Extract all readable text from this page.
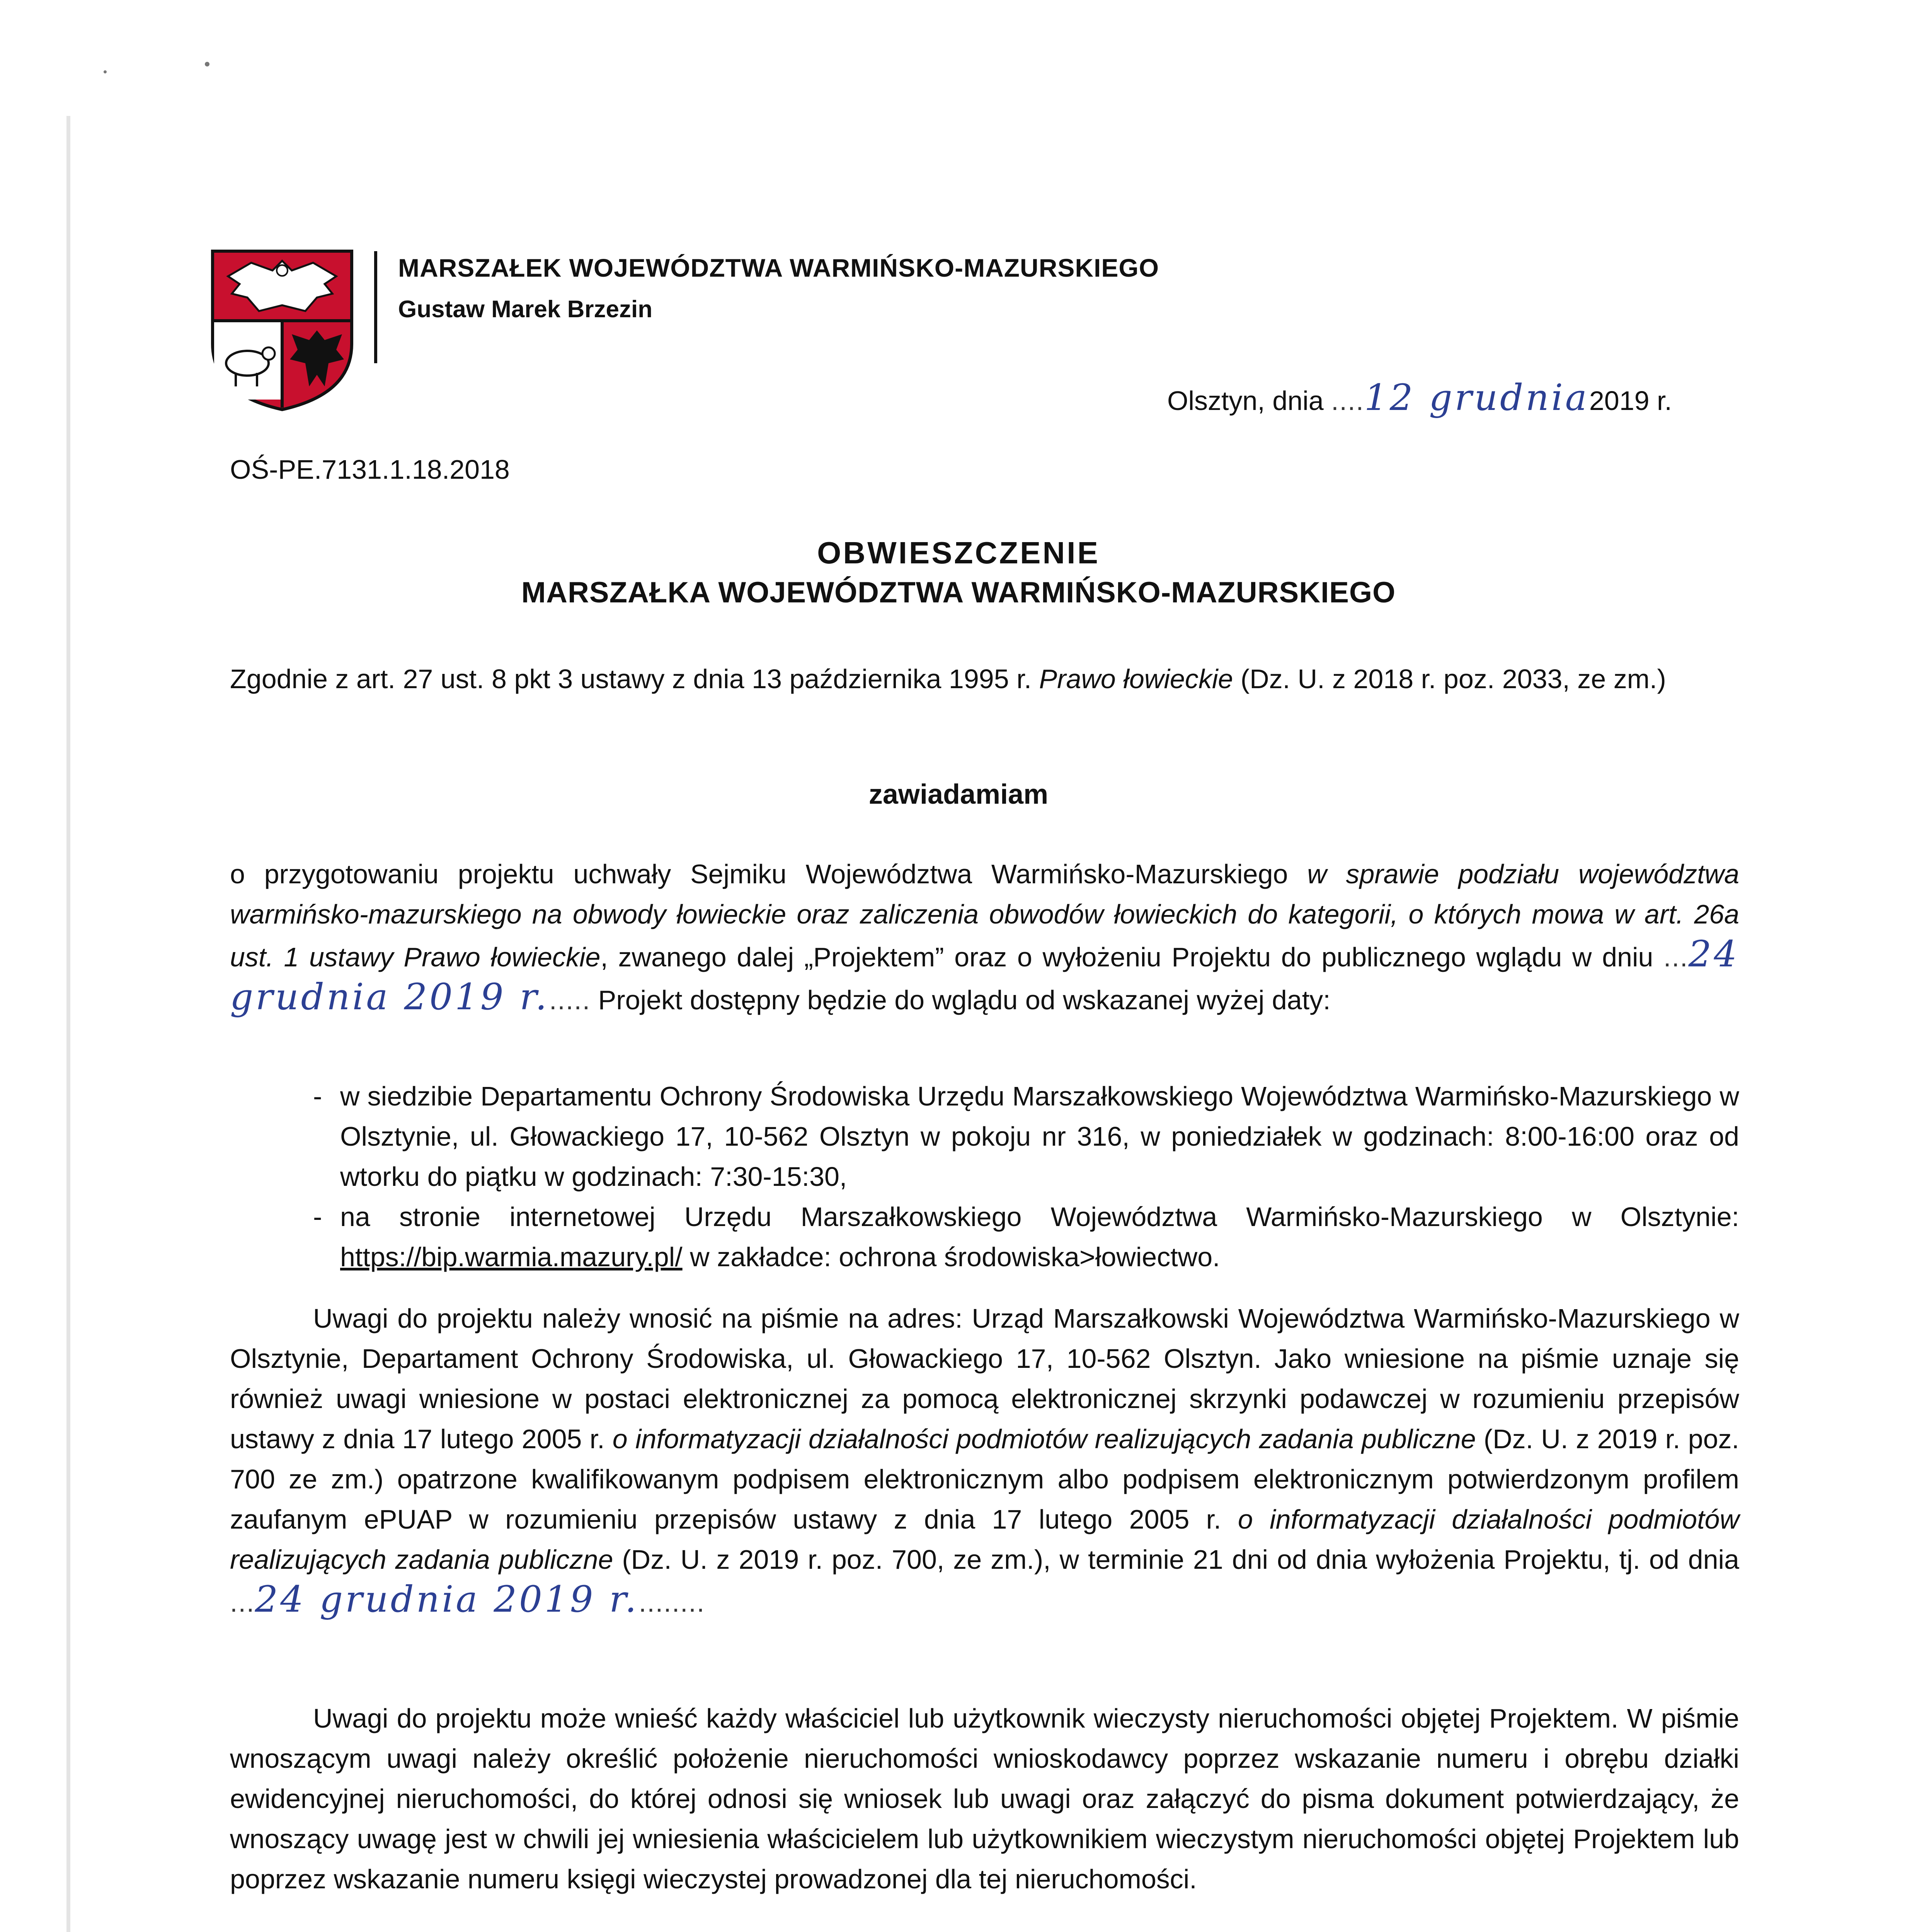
MARSZAŁEK WOJEWÓDZTWA WARMIŃSKO-MAZURSKIEGO
Gustaw Marek Brzezin
Olsztyn, dnia ....12 grudnia2019 r.
OŚ-PE.7131.1.18.2018
OBWIESZCZENIE
MARSZAŁKA WOJEWÓDZTWA WARMIŃSKO-MAZURSKIEGO
Zgodnie z art. 27 ust. 8 pkt 3 ustawy z dnia 13 października 1995 r. Prawo łowieckie (Dz. U. z 2018 r. poz. 2033, ze zm.)
zawiadamiam
o przygotowaniu projektu uchwały Sejmiku Województwa Warmińsko-Mazurskiego w sprawie podziału województwa warmińsko-mazurskiego na obwody łowieckie oraz zaliczenia obwodów łowieckich do kategorii, o których mowa w art. 26a ust. 1 ustawy Prawo łowieckie, zwanego dalej „Projektem” oraz o wyłożeniu Projektu do publicznego wglądu w dniu ...24 grudnia 2019 r...... Projekt dostępny będzie do wglądu od wskazanej wyżej daty:
- w siedzibie Departamentu Ochrony Środowiska Urzędu Marszałkowskiego Województwa Warmińsko-Mazurskiego w Olsztynie, ul. Głowackiego 17, 10-562 Olsztyn w pokoju nr 316, w poniedziałek w godzinach: 8:00-16:00 oraz od wtorku do piątku w godzinach: 7:30-15:30,
- na stronie internetowej Urzędu Marszałkowskiego Województwa Warmińsko-Mazurskiego w Olsztynie: https://bip.warmia.mazury.pl/ w zakładce: ochrona środowiska>łowiectwo.
Uwagi do projektu należy wnosić na piśmie na adres: Urząd Marszałkowski Województwa Warmińsko-Mazurskiego w Olsztynie, Departament Ochrony Środowiska, ul. Głowackiego 17, 10-562 Olsztyn. Jako wniesione na piśmie uznaje się również uwagi wniesione w postaci elektronicznej za pomocą elektronicznej skrzynki podawczej w rozumieniu przepisów ustawy z dnia 17 lutego 2005 r. o informatyzacji działalności podmiotów realizujących zadania publiczne (Dz. U. z 2019 r. poz. 700 ze zm.) opatrzone kwalifikowanym podpisem elektronicznym albo podpisem elektronicznym potwierdzonym profilem zaufanym ePUAP w rozumieniu przepisów ustawy z dnia 17 lutego 2005 r. o informatyzacji działalności podmiotów realizujących zadania publiczne (Dz. U. z 2019 r. poz. 700, ze zm.), w terminie 21 dni od dnia wyłożenia Projektu, tj. od dnia ...24 grudnia 2019 r.........
Uwagi do projektu może wnieść każdy właściciel lub użytkownik wieczysty nieruchomości objętej Projektem. W piśmie wnoszącym uwagi należy określić położenie nieruchomości wnioskodawcy poprzez wskazanie numeru i obrębu działki ewidencyjnej nieruchomości, do której odnosi się wniosek lub uwagi oraz załączyć do pisma dokument potwierdzający, że wnoszący uwagę jest w chwili jej wniesienia właścicielem lub użytkownikiem wieczystym nieruchomości objętej Projektem lub poprzez wskazanie numeru księgi wieczystej prowadzonej dla tej nieruchomości.
